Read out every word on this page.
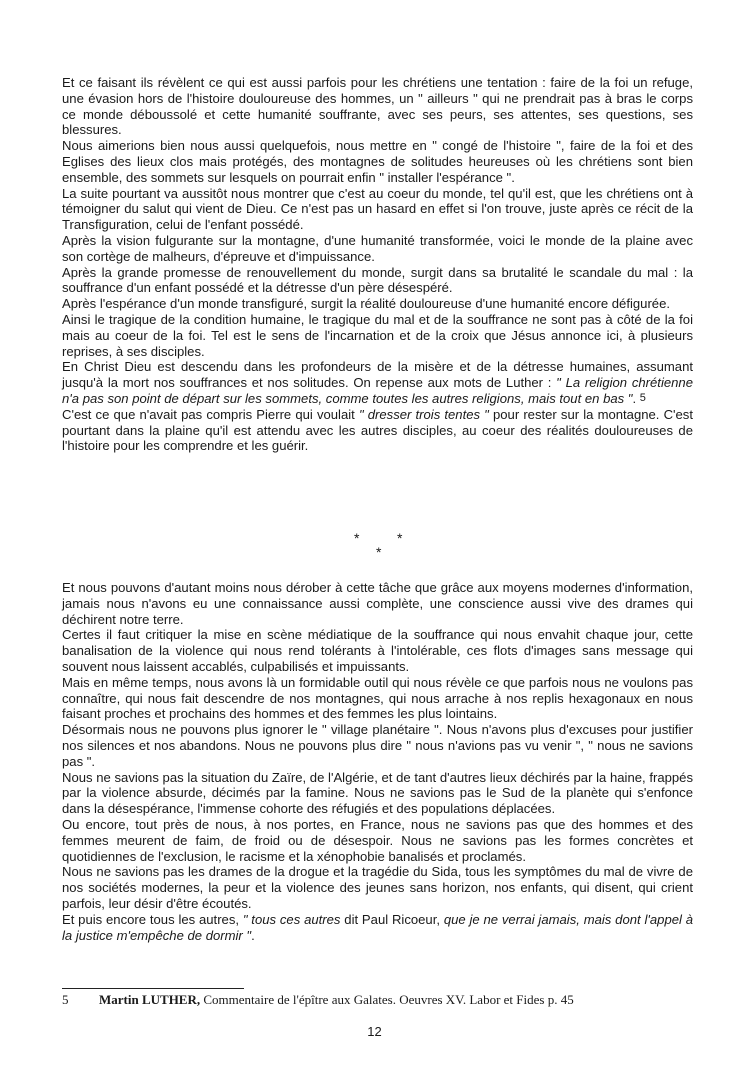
Et ce faisant ils révèlent ce qui est aussi parfois pour les chrétiens une tentation : faire de la foi un refuge, une évasion hors de l'histoire douloureuse des hommes, un " ailleurs " qui ne prendrait pas à bras le corps ce monde déboussolé et cette humanité souffrante, avec ses peurs, ses attentes, ses questions, ses blessures.

Nous aimerions bien nous aussi quelquefois, nous mettre en " congé de l'histoire ", faire de la foi et des Eglises des lieux clos mais protégés, des montagnes de solitudes heureuses où les chrétiens sont bien ensemble, des sommets sur lesquels on pourrait enfin " installer l'espérance ".

La suite pourtant va aussitôt nous montrer que c'est au coeur du monde, tel qu'il est, que les chrétiens ont à témoigner du salut qui vient de Dieu. Ce n'est pas un hasard en effet si l'on trouve, juste après ce récit de la Transfiguration, celui de l'enfant possédé.

Après la vision fulgurante sur la montagne, d'une humanité transformée, voici le monde de la plaine avec son cortège de malheurs, d'épreuve et d'impuissance.

Après la grande promesse de renouvellement du monde, surgit dans sa brutalité le scandale du mal : la souffrance d'un enfant possédé et la détresse d'un père désespéré.

Après l'espérance d'un monde transfiguré, surgit la réalité douloureuse d'une humanité encore défigurée.

Ainsi le tragique de la condition humaine, le tragique du mal et de la souffrance ne sont pas à côté de la foi mais au coeur de la foi. Tel est le sens de l'incarnation et de la croix que Jésus annonce ici, à plusieurs reprises, à ses disciples.

En Christ Dieu est descendu dans les profondeurs de la misère et de la détresse humaines, assumant jusqu'à la mort nos souffrances et nos solitudes. On repense aux mots de Luther : " La religion chrétienne n'a pas son point de départ sur les sommets, comme toutes les autres religions, mais tout en bas ". $^5$

C'est ce que n'avait pas compris Pierre qui voulait " dresser trois tentes " pour rester sur la montagne. C'est pourtant dans la plaine qu'il est attendu avec les autres disciples, au coeur des réalités douloureuses de l'histoire pour les comprendre et les guérir.

*	*
*

Et nous pouvons d'autant moins nous dérober à cette tâche que grâce aux moyens modernes d'information, jamais nous n'avons eu une connaissance aussi complète, une conscience aussi vive des drames qui déchirent notre terre.

Certes il faut critiquer la mise en scène médiatique de la souffrance qui nous envahit chaque jour, cette banalisation de la violence qui nous rend tolérants à l'intolérable, ces flots d'images sans message qui souvent nous laissent accablés, culpabilisés et impuissants.

Mais en même temps, nous avons là un formidable outil qui nous révèle ce que parfois nous ne voulons pas connaître, qui nous fait descendre de nos montagnes, qui nous arrache à nos replis hexagonaux en nous faisant proches et prochains des hommes et des femmes les plus lointains.

Désormais nous ne pouvons plus ignorer le " village planétaire ". Nous n'avons plus d'excuses pour justifier nos silences et nos abandons. Nous ne pouvons plus dire " nous n'avions pas vu venir ", " nous ne savions pas ".

Nous ne savions pas la situation du Zaïre, de l'Algérie, et de tant d'autres lieux déchirés par la haine, frappés par la violence absurde, décimés par la famine. Nous ne savions pas le Sud de la planète qui s'enfonce dans la désespérance, l'immense cohorte des réfugiés et des populations déplacées.

Ou encore, tout près de nous, à nos portes, en France, nous ne savions pas que des hommes et des femmes meurent de faim, de froid ou de désespoir. Nous ne savions pas les formes concrètes et quotidiennes de l'exclusion, le racisme et la xénophobie banalisés et proclamés.

Nous ne savions pas les drames de la drogue et la tragédie du Sida, tous les symptômes du mal de vivre de nos sociétés modernes, la peur et la violence des jeunes sans horizon, nos enfants, qui disent, qui crient parfois, leur désir d'être écoutés.

Et puis encore tous les autres, " tous ces autres dit Paul Ricoeur, que je ne verrai jamais, mais dont l'appel à la justice m'empêche de dormir ".

5 Martin LUTHER, Commentaire de l'épître aux Galates. Oeuvres XV. Labor et Fides p. 45
12
